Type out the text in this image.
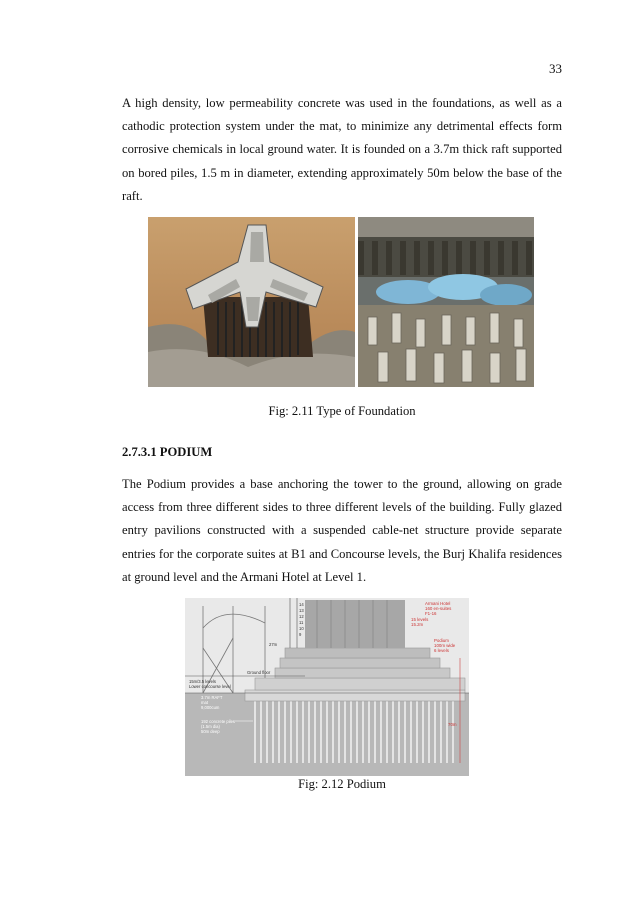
33

A high density, low permeability concrete was used in the foundations, as well as a cathodic protection system under the mat, to minimize any detrimental effects form corrosive chemicals in local ground water. It is founded on a 3.7m thick raft supported on bored piles, 1.5 m in diameter, extending approximately 50m below the base of the raft.

Fig: 2.11 Type of Foundation
2.7.3.1 PODIUM

The Podium provides a base anchoring the tower to the ground, allowing on grade access from three different sides to three different levels of the building. Fully glazed entry pavilions constructed with a suspended cable-net structure provide separate entries for the corporate suites at B1 and Concourse levels, the Burj Khalifa residences at ground level and the Armani Hotel at Level 1.

Armani Hotel
160 en-suites
F1-16
15 levels
15.2m
Podium
100m wide
6 levels
70m
27m
Ground floor
15m/3.5 levels
Lower concourse level
14
13
12
11
10
9
3.7m RAFT
mat
9,000cum
192 concrete piles
(1.5m dia)
50m deep
Fig: 2.12 Podium
